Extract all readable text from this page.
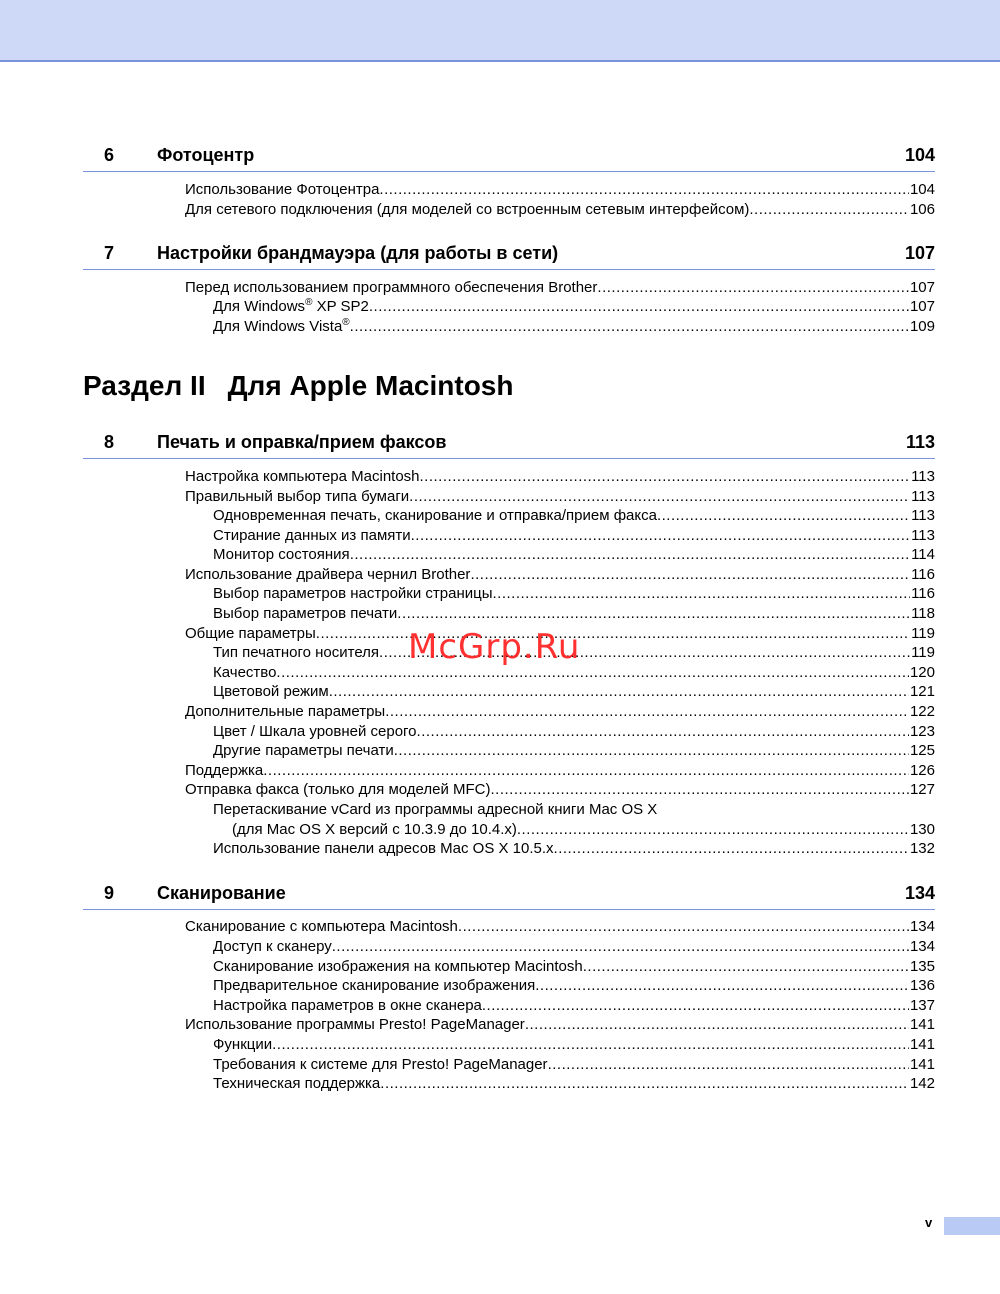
6 Фотоцентр	104
Использование Фотоцентра .....	104
Для сетевого подключения (для моделей со встроенным сетевым интерфейсом) .....	106
7 Настройки брандмауэра (для работы в сети)	107
Перед использованием программного обеспечения Brother .....	107
Для Windows® XP SP2 .....	107
Для Windows Vista® .....	109
Раздел II Для Apple Macintosh
8 Печать и оправка/прием факсов	113
Настройка компьютера Macintosh .....	113
Правильный выбор типа бумаги .....	113
Одновременная печать, сканирование и отправка/прием факса .....	113
Стирание данных из памяти .....	113
Монитор состояния .....	114
Использование драйвера чернил Brother .....	116
Выбор параметров настройки страницы .....	116
Выбор параметров печати .....	118
Общие параметры .....	119
Тип печатного носителя .....	119
Качество .....	120
Цветовой режим .....	121
Дополнительные параметры .....	122
Цвет / Шкала уровней серого .....	123
Другие параметры печати .....	125
Поддержка .....	126
Отправка факса (только для моделей MFC) .....	127
Перетаскивание vCard из программы адресной книги Mac OS X
(для Mac OS X версий с 10.3.9 до 10.4.x) .....	130
Использование панели адресов Mac OS X 10.5.x .....	132
9 Сканирование	134
Сканирование с компьютера Macintosh .....	134
Доступ к сканеру .....	134
Сканирование изображения на компьютер Macintosh .....	135
Предварительное сканирование изображения .....	136
Настройка параметров в окне сканера .....	137
Использование программы Presto! PageManager .....	141
Функции .....	141
Требования к системе для Presto! PageManager .....	141
Техническая поддержка .....	142
McGrp.Ru
v
